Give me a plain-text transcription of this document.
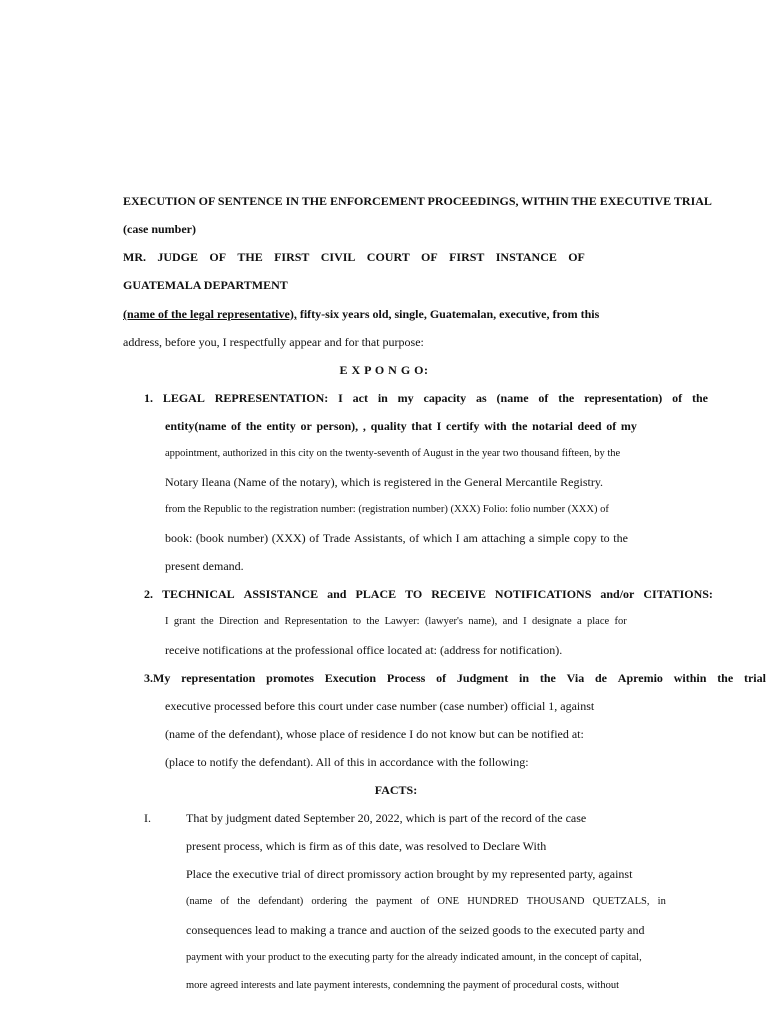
EXECUTION OF SENTENCE IN THE ENFORCEMENT PROCEEDINGS, WITHIN THE EXECUTIVE TRIAL
(case number)
MR. JUDGE OF THE FIRST CIVIL COURT OF FIRST INSTANCE OF
GUATEMALA DEPARTMENT
(name of the legal representative), fifty-six years old, single, Guatemalan, executive, from this
address, before you, I respectfully appear and for that purpose:
E X P O N G O:
1. LEGAL REPRESENTATION: I act in my capacity as (name of the representation) of the
entity(name of the entity or person), , quality that I certify with the notarial deed of my
appointment, authorized in this city on the twenty-seventh of August in the year two thousand fifteen, by the
Notary Ileana (Name of the notary), which is registered in the General Mercantile Registry.
from the Republic to the registration number: (registration number) (XXX) Folio: folio number (XXX) of
book: (book number) (XXX) of Trade Assistants, of which I am attaching a simple copy to the
present demand.
2. TECHNICAL ASSISTANCE and PLACE TO RECEIVE NOTIFICATIONS and/or CITATIONS:
I grant the Direction and Representation to the Lawyer: (lawyer's name), and I designate a place for
receive notifications at the professional office located at: (address for notification).
3.My representation promotes Execution Process of Judgment in the Via de Apremio within the trial
executive processed before this court under case number (case number) official 1, against
(name of the defendant), whose place of residence I do not know but can be notified at:
(place to notify the defendant). All of this in accordance with the following:
FACTS:
I.	That by judgment dated September 20, 2022, which is part of the record of the case
present process, which is firm as of this date, was resolved to Declare With
Place the executive trial of direct promissory action brought by my represented party, against
(name of the defendant) ordering the payment of ONE HUNDRED THOUSAND QUETZALS, in
consequences lead to making a trance and auction of the seized goods to the executed party and
payment with your product to the executing party for the already indicated amount, in the concept of capital,
more agreed interests and late payment interests, condemning the payment of procedural costs, without
